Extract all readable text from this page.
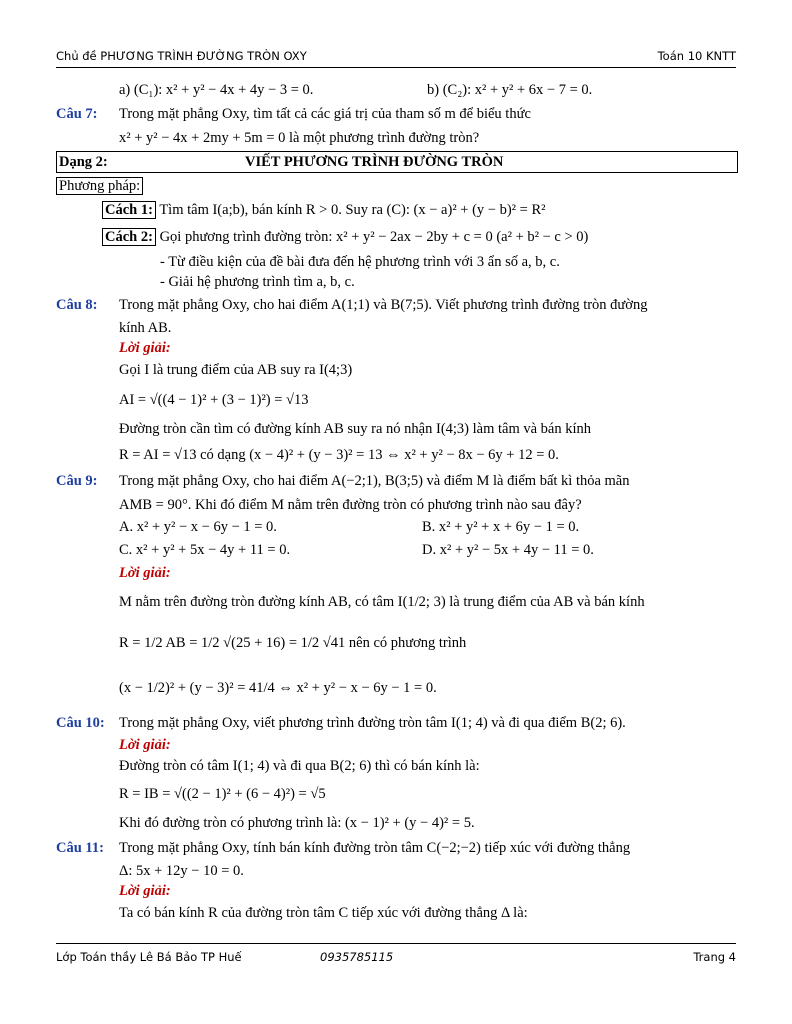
Chủ đề PHƯƠNG TRÌNH ĐƯỜNG TRÒN OXY	Toán 10 KNTT
a) (C₁): x² + y² − 4x + 4y − 3 = 0.	b) (C₂): x² + y² + 6x − 7 = 0.
Câu 7: Trong mặt phẳng Oxy, tìm tất cả các giá trị của tham số m để biểu thức
x² + y² − 4x + 2my + 5m = 0 là một phương trình đường tròn?
Dạng 2:	VIẾT PHƯƠNG TRÌNH ĐƯỜNG TRÒN
Phương pháp:
Cách 1: Tìm tâm I(a;b), bán kính R > 0. Suy ra (C): (x − a)² + (y − b)² = R²
Cách 2: Gọi phương trình đường tròn: x² + y² − 2ax − 2by + c = 0 (a² + b² − c > 0)
- Từ điều kiện của đề bài đưa đến hệ phương trình với 3 ẩn số a, b, c.
- Giải hệ phương trình tìm a, b, c.
Câu 8: Trong mặt phẳng Oxy, cho hai điểm A(1;1) và B(7;5). Viết phương trình đường tròn đường
kính AB.
Lời giải:
Gọi I là trung điểm của AB suy ra I(4;3)
AI = √((4 − 1)² + (3 − 1)²) = √13
Đường tròn cần tìm có đường kính AB suy ra nó nhận I(4;3) làm tâm và bán kính
R = AI = √13 có dạng (x − 4)² + (y − 3)² = 13 ⇔ x² + y² − 8x − 6y + 12 = 0.
Câu 9: Trong mặt phẳng Oxy, cho hai điểm A(−2;1), B(3;5) và điểm M là điểm bất kì thỏa mãn
AMB = 90°. Khi đó điểm M nằm trên đường tròn có phương trình nào sau đây?
A. x² + y² − x − 6y − 1 = 0.	B. x² + y² + x + 6y − 1 = 0.
C. x² + y² + 5x − 4y + 11 = 0.	D. x² + y² − 5x + 4y − 11 = 0.
Lời giải:
M nằm trên đường tròn đường kính AB, có tâm I(1/2; 3) là trung điểm của AB và bán kính
R = 1/2 AB = 1/2 √(25 + 16) = 1/2 √41 nên có phương trình
(x − 1/2)² + (y − 3)² = 41/4 ⇔ x² + y² − x − 6y − 1 = 0.
Câu 10: Trong mặt phẳng Oxy, viết phương trình đường tròn tâm I(1; 4) và đi qua điểm B(2; 6).
Lời giải:
Đường tròn có tâm I(1; 4) và đi qua B(2; 6) thì có bán kính là:
R = IB = √((2 − 1)² + (6 − 4)²) = √5
Khi đó đường tròn có phương trình là: (x − 1)² + (y − 4)² = 5.
Câu 11: Trong mặt phẳng Oxy, tính bán kính đường tròn tâm C(−2;−2) tiếp xúc với đường thẳng
Δ: 5x + 12y − 10 = 0.
Lời giải:
Ta có bán kính R của đường tròn tâm C tiếp xúc với đường thẳng Δ là:
Lớp Toán thầy Lê Bá Bảo TP Huế	0935785115	Trang 4
